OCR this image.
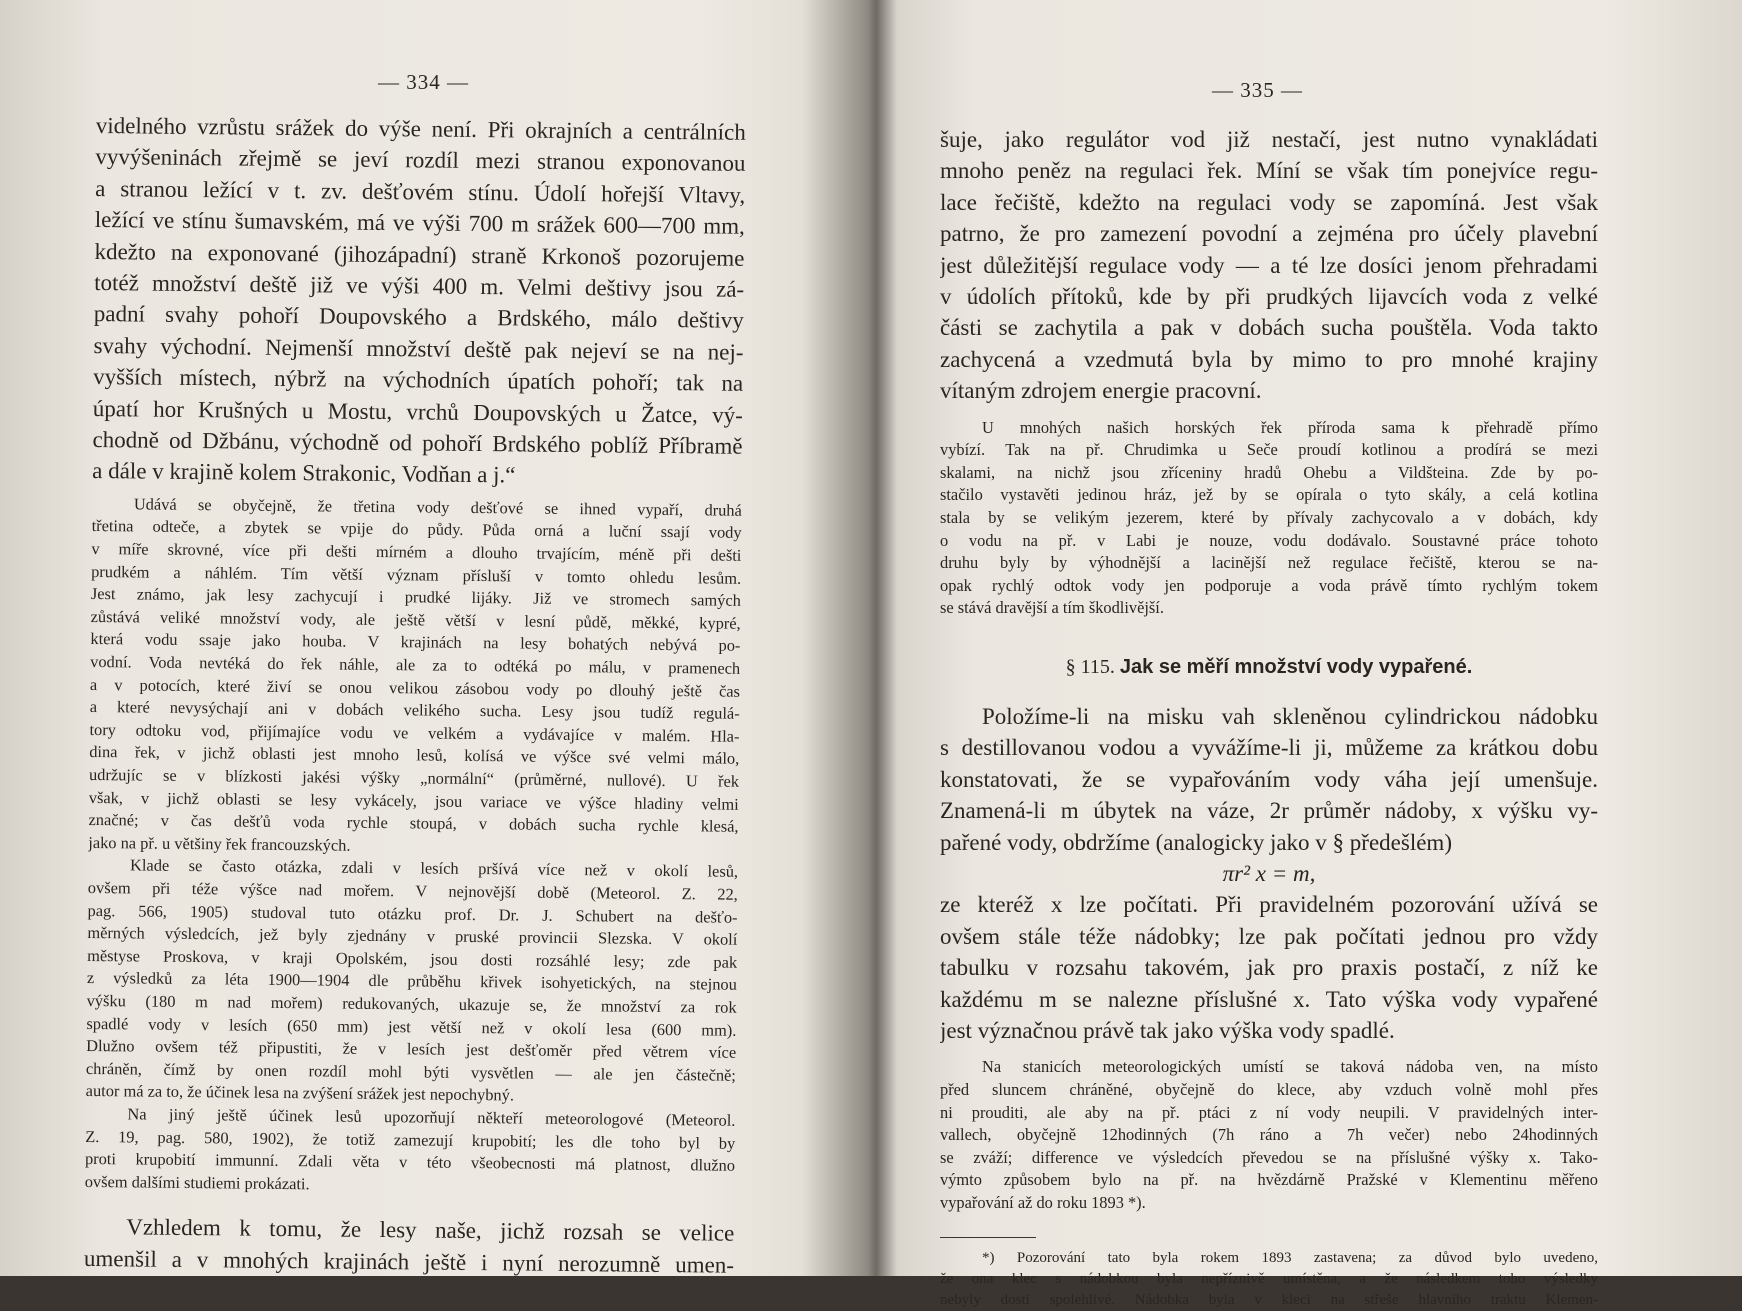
— 334 —
videlného vzrůstu srážek do výše není. Při okrajních a centrálních
vyvýšeninách zřejmě se jeví rozdíl mezi stranou exponovanou
a stranou ležící v t. zv. dešťovém stínu. Údolí hořejší Vltavy,
ležící ve stínu šumavském, má ve výši 700 m srážek 600—700 mm,
kdežto na exponované (jihozápadní) straně Krkonoš pozorujeme
totéž množství deště již ve výši 400 m. Velmi deštivy jsou zá-
padní svahy pohoří Doupovského a Brdského, málo deštivy
svahy východní. Nejmenší množství deště pak nejeví se na nej-
vyšších místech, nýbrž na východních úpatích pohoří; tak na
úpatí hor Krušných u Mostu, vrchů Doupovských u Žatce, vý-
chodně od Džbánu, východně od pohoří Brdského poblíž Příbramě
a dále v krajině kolem Strakonic, Vodňan a j.“
Udává se obyčejně, že třetina vody dešťové se ihned vypaří, druhá
třetina odteče, a zbytek se vpije do půdy. Půda orná a luční ssají vody
v míře skrovné, více při dešti mírném a dlouho trvajícím, méně při dešti
prudkém a náhlém. Tím větší význam přísluší v tomto ohledu lesům.
Jest známo, jak lesy zachycují i prudké lijáky. Již ve stromech samých
zůstává veliké množství vody, ale ještě větší v lesní půdě, měkké, kypré,
která vodu ssaje jako houba. V krajinách na lesy bohatých nebývá po-
vodní. Voda nevtéká do řek náhle, ale za to odtéká po málu, v pramenech
a v potocích, které živí se onou velikou zásobou vody po dlouhý ještě čas
a které nevysýchají ani v dobách velikého sucha. Lesy jsou tudíž regulá-
tory odtoku vod, přijímajíce vodu ve velkém a vydávajíce v malém. Hla-
dina řek, v jichž oblasti jest mnoho lesů, kolísá ve výšce své velmi málo,
udržujíc se v blízkosti jakési výšky „normální“ (průměrné, nullové). U řek
však, v jichž oblasti se lesy vykácely, jsou variace ve výšce hladiny velmi
značné; v čas dešťů voda rychle stoupá, v dobách sucha rychle klesá,
jako na př. u většiny řek francouzských.
Klade se často otázka, zdali v lesích pršívá více než v okolí lesů,
ovšem při téže výšce nad mořem. V nejnovější době (Meteorol. Z. 22,
pag. 566, 1905) studoval tuto otázku prof. Dr. J. Schubert na dešťo-
měrných výsledcích, jež byly zjednány v pruské provincii Slezska. V okolí
městyse Proskova, v kraji Opolském, jsou dosti rozsáhlé lesy; zde pak
z výsledků za léta 1900—1904 dle průběhu křivek isohyetických, na stejnou
výšku (180 m nad mořem) redukovaných, ukazuje se, že množství za rok
spadlé vody v lesích (650 mm) jest větší než v okolí lesa (600 mm).
Dlužno ovšem též připustiti, že v lesích jest dešťoměr před větrem více
chráněn, čímž by onen rozdíl mohl býti vysvětlen — ale jen částečně;
autor má za to, že účinek lesa na zvýšení srážek jest nepochybný.
Na jiný ještě účinek lesů upozorňují někteří meteorologové (Meteorol.
Z. 19, pag. 580, 1902), že totiž zamezují krupobití; les dle toho byl by
proti krupobití immunní. Zdali věta v této všeobecnosti má platnost, dlužno
ovšem dalšími studiemi prokázati.
Vzhledem k tomu, že lesy naše, jichž rozsah se velice
umenšil a v mnohých krajinách ještě i nyní nerozumně umen-
— 335 —
šuje, jako regulátor vod již nestačí, jest nutno vynakládati
mnoho peněz na regulaci řek. Míní se však tím ponejvíce regu-
lace řečiště, kdežto na regulaci vody se zapomíná. Jest však
patrno, že pro zamezení povodní a zejména pro účely plavební
jest důležitější regulace vody — a té lze dosíci jenom přehradami
v údolích přítoků, kde by při prudkých lijavcích voda z velké
části se zachytila a pak v dobách sucha pouštěla. Voda takto
zachycená a vzedmutá byla by mimo to pro mnohé krajiny
vítaným zdrojem energie pracovní.
U mnohých našich horských řek příroda sama k přehradě přímo
vybízí. Tak na př. Chrudimka u Seče proudí kotlinou a prodírá se mezi
skalami, na nichž jsou zříceniny hradů Ohebu a Vildšteina. Zde by po-
stačilo vystavěti jedinou hráz, jež by se opírala o tyto skály, a celá kotlina
stala by se velikým jezerem, které by přívaly zachycovalo a v dobách, kdy
o vodu na př. v Labi je nouze, vodu dodávalo. Soustavné práce tohoto
druhu byly by výhodnější a lacinější než regulace řečiště, kterou se na-
opak rychlý odtok vody jen podporuje a voda právě tímto rychlým tokem
se stává dravější a tím škodlivější.
§ 115. Jak se měří množství vody vypařené.
Položíme-li na misku vah skleněnou cylindrickou nádobku
s destillovanou vodou a vyvážíme-li ji, můžeme za krátkou dobu
konstatovati, že se vypařováním vody váha její umenšuje.
Znamená-li m úbytek na váze, 2r průměr nádoby, x výšku vy-
pařené vody, obdržíme (analogicky jako v § předešlém)
πr² x = m,
ze kteréž x lze počítati. Při pravidelném pozorování užívá se
ovšem stále téže nádobky; lze pak počítati jednou pro vždy
tabulku v rozsahu takovém, jak pro praxis postačí, z níž ke
každému m se nalezne příslušné x. Tato výška vody vypařené
jest význačnou právě tak jako výška vody spadlé.
Na stanicích meteorologických umístí se taková nádoba ven, na místo
před sluncem chráněné, obyčejně do klece, aby vzduch volně mohl přes
ni prouditi, ale aby na př. ptáci z ní vody neupili. V pravidelných inter-
vallech, obyčejně 12hodinných (7h ráno a 7h večer) nebo 24hodinných
se zváží; difference ve výsledcích převedou se na příslušné výšky x. Tako-
výmto způsobem bylo na př. na hvězdárně Pražské v Klementinu měřeno
vypařování až do roku 1893 *).
*) Pozorování tato byla rokem 1893 zastavena; za důvod bylo uvedeno,
že ona klec s nádobkou byla nepříznivě umístěna, a že následkem toho výsledky
nebyly dosti spolehlivé. Nádobka byla v kleci na střeše hlavního traktu Klemen-
